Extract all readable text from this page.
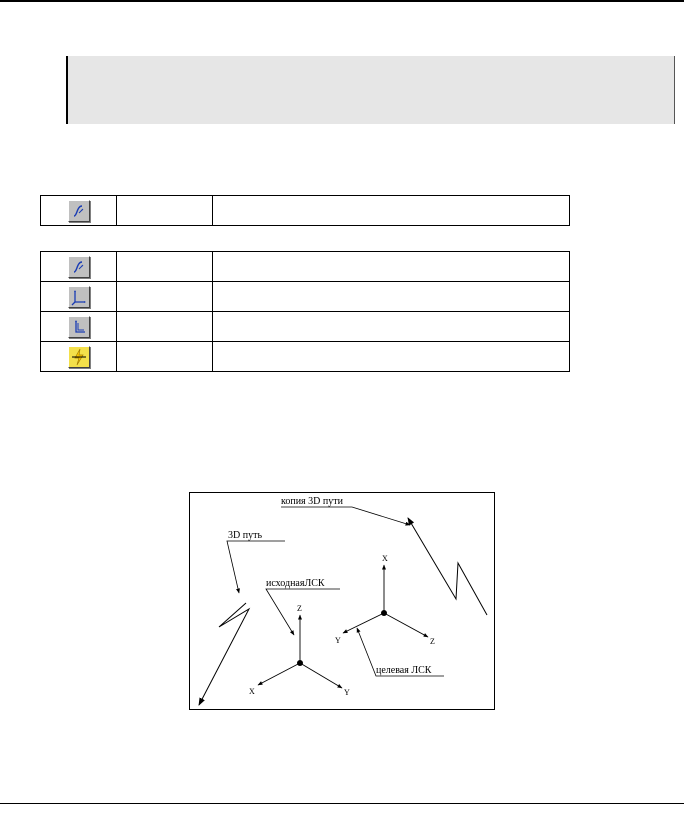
копия 3D пути
3D путь
исходнаяЛСК
целевая ЛСК
Z
X	Y
X
Y	Z
